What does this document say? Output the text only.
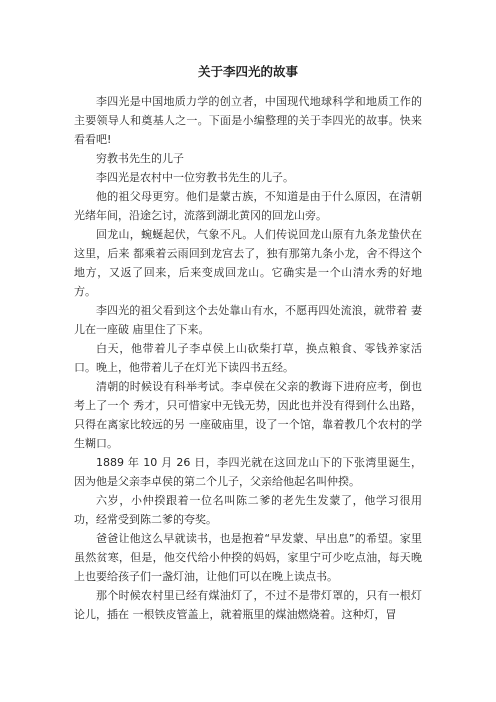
关于李四光的故事

李四光是中国地质力学的创立者，中国现代地球科学和地质工作的主要领导人和奠基人之一。下面是小编整理的关于李四光的故事。快来看看吧!

穷教书先生的儿子

李四光是农村中一位穷教书先生的儿子。

他的祖父母更穷。他们是蒙古族，不知道是由于什么原因，在清朝光绪年间，沿途乞讨，流落到湖北黄冈的回龙山旁。

回龙山，蜿蜒起伏，气象不凡。人们传说回龙山原有九条龙蛰伏在这里，后来 都乘着云雨回到龙宫去了，独有那第九条小龙，舍不得这个地方，又返了回来，后来变成回龙山。它确实是一个山清水秀的好地方。

李四光的祖父看到这个去处靠山有水，不愿再四处流浪，就带着 妻儿在一座破 庙里住了下来。

白天，他带着儿子李卓侯上山砍柴打草，换点粮食、零钱养家活口。晚上，他带着儿子在灯光下读四书五经。

清朝的时候设有科举考试。李卓侯在父亲的教诲下进府应考，倒也考上了一个 秀才，只可惜家中无钱无势，因此也并没有得到什么出路，只得在离家比较远的另 一座破庙里，设了一个馆，靠着教几个农村的学生糊口。

1889 年 10 月 26 日，李四光就在这回龙山下的下张湾里诞生，因为他是父亲李卓侯的第二个儿子，父亲给他起名叫仲揆。

六岁，小仲揆跟着一位名叫陈二爹的老先生发蒙了，他学习很用功，经常受到陈二爹的夸奖。

爸爸让他这么早就读书，也是抱着“早发蒙、早出息”的希望。家里虽然贫寒，但是，他交代给小仲揆的妈妈，家里宁可少吃点油，每天晚上也要给孩子们一盏灯油，让他们可以在晚上读点书。

那个时候农村里已经有煤油灯了，不过不是带灯罩的，只有一根灯论儿，插在 一根铁皮管盖上，就着瓶里的煤油燃烧着。这种灯，冒
